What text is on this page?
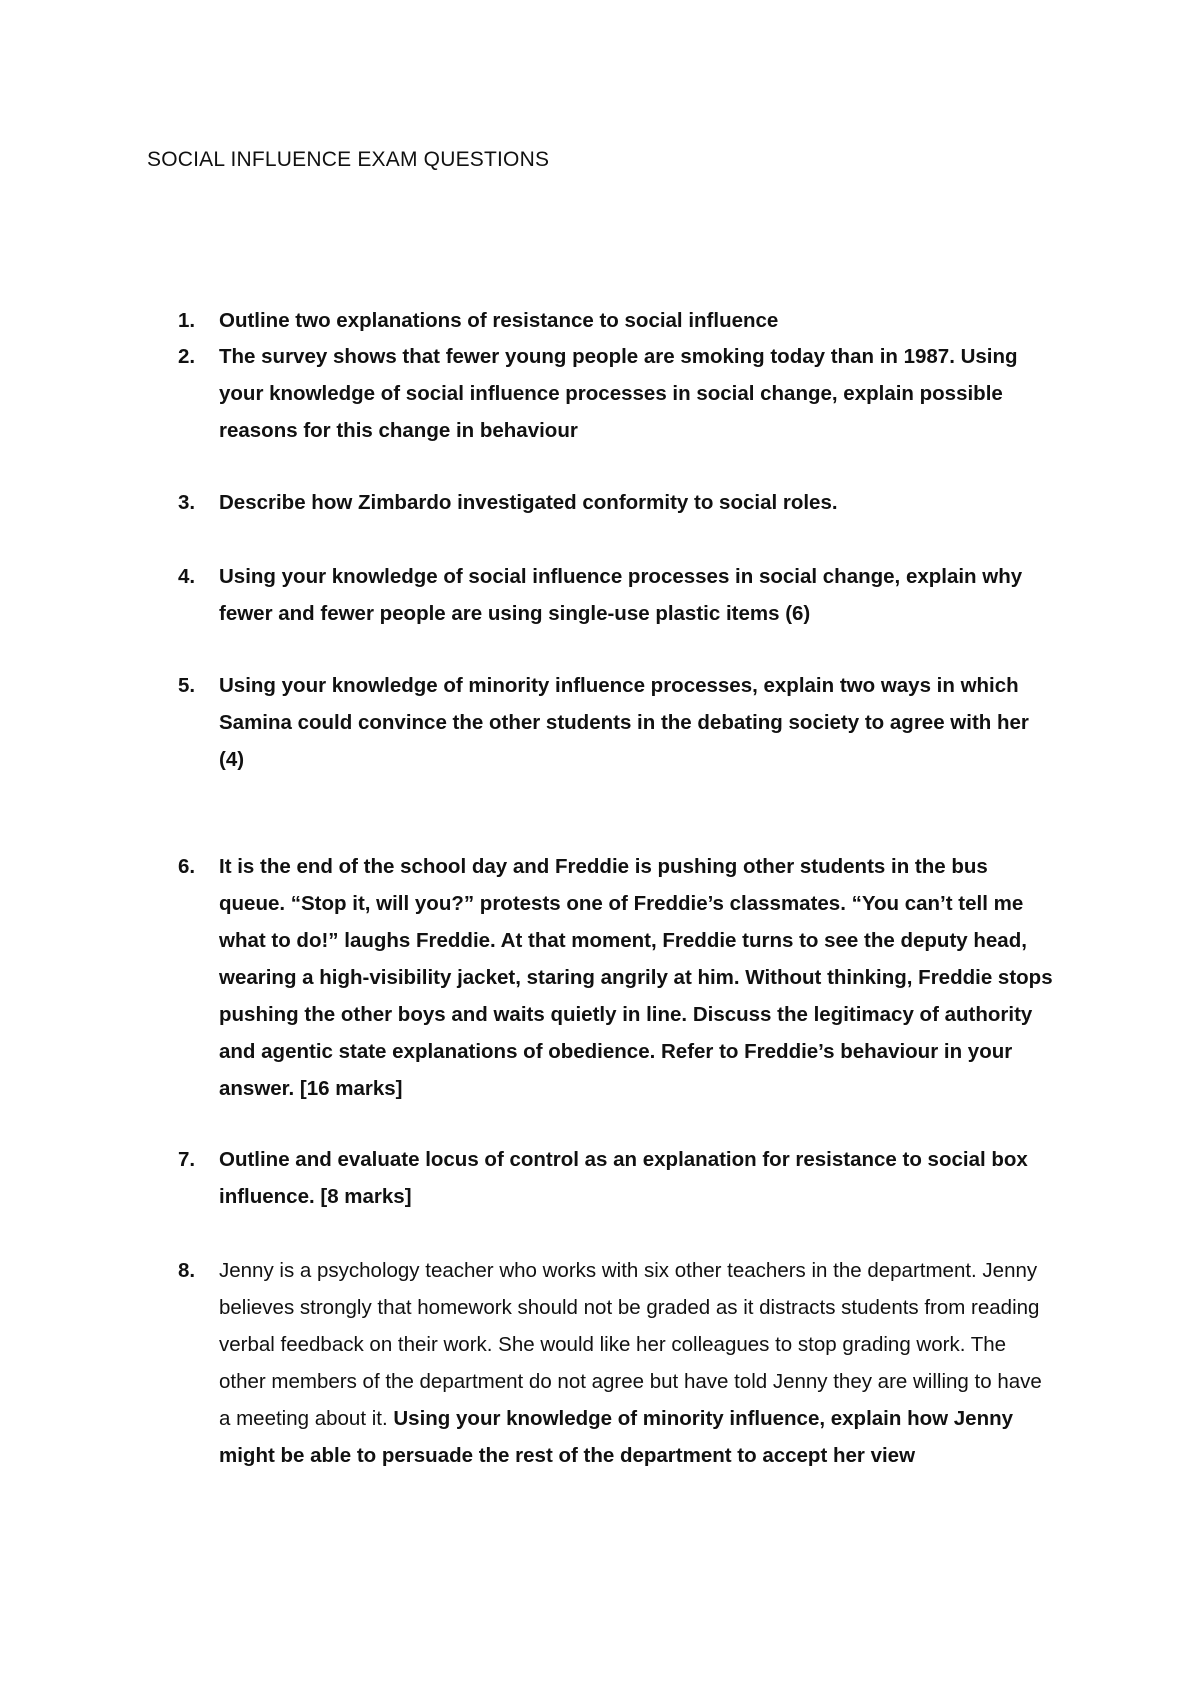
SOCIAL INFLUENCE EXAM QUESTIONS
1.	Outline two explanations of resistance to social influence
2.	The survey shows that fewer young people are smoking today than in 1987. Using your knowledge of social influence processes in social change, explain possible reasons for this change in behaviour
3.	Describe how Zimbardo investigated conformity to social roles.
4.	Using your knowledge of social influence processes in social change, explain why fewer and fewer people are using single-use plastic items (6)
5.	Using your knowledge of minority influence processes, explain two ways in which Samina could convince the other students in the debating society to agree with her (4)
6.	It is the end of the school day and Freddie is pushing other students in the bus queue. “Stop it, will you?” protests one of Freddie’s classmates. “You can’t tell me what to do!” laughs Freddie. At that moment, Freddie turns to see the deputy head, wearing a high-visibility jacket, staring angrily at him. Without thinking, Freddie stops pushing the other boys and waits quietly in line. Discuss the legitimacy of authority and agentic state explanations of obedience. Refer to Freddie’s behaviour in your answer. [16 marks]
7.	Outline and evaluate locus of control as an explanation for resistance to social box influence. [8 marks]
8.	Jenny is a psychology teacher who works with six other teachers in the department. Jenny believes strongly that homework should not be graded as it distracts students from reading verbal feedback on their work. She would like her colleagues to stop grading work. The other members of the department do not agree but have told Jenny they are willing to have a meeting about it. Using your knowledge of minority influence, explain how Jenny might be able to persuade the rest of the department to accept her view
